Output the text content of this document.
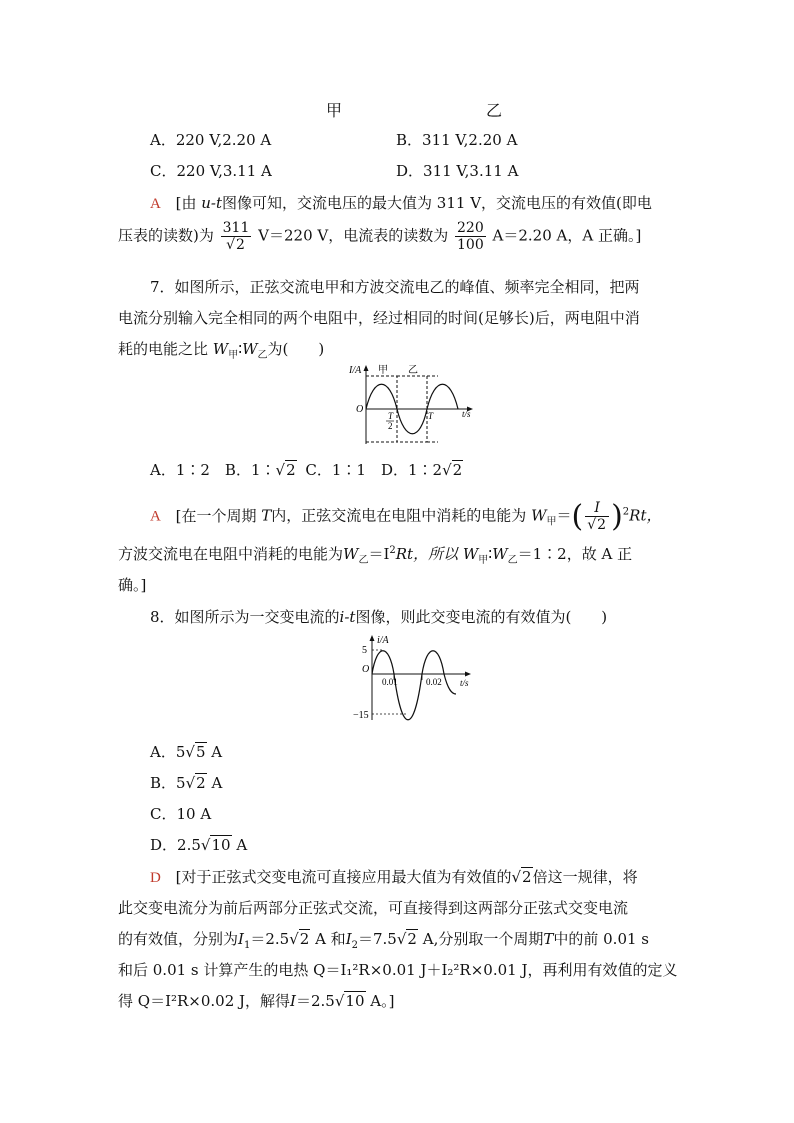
甲	乙
A．220 V,2.20 A	B．311 V,2.20 A
C．220 V,3.11 A	D．311 V,3.11 A
A [由 u-t图像可知，交流电压的最大值为 311 V，交流电压的有效值(即电
压表的读数)为 $\frac{311}{√2} V=220$ V，电流表的读数为 $\frac{220}{100} A=2.20$ A，A 正确。]
7．如图所示，正弦交流电甲和方波交流电乙的峰值、频率完全相同，把两
电流分别输入完全相同的两个电阻中，经过相同的时间(足够长)后，两电阻中消
耗的电能之比 $W_甲∶W_乙$为(　　)
I/A 甲 乙
O	t/s
T
2
T
A．1∶2　B．1∶√2 C．1∶1　D．1∶2√2
A [在一个周期 T内，正弦交流电在电阻中消耗的电能为 $W_甲=( \frac{I}{√2} )^2Rt$，
方波交流电在电阻中消耗的电能为$W_乙=I^2Rt$，所以 $W_甲∶W_乙=1∶2$，故 A 正
确。]
8．如图所示为一交变电流的i-t图像，则此交变电流的有效值为(　　)
i/A
5
−15
O
0.01	0.02 t/s
A．5√5 A
B．5√2 A
C．10 A
D．2.5√10 A
D [对于正弦式交变电流可直接应用最大值为有效值的√2倍这一规律，将
此交变电流分为前后两部分正弦式交流，可直接得到这两部分正弦式交变电流
的有效值，分别为$I_1=2.5√2$ A 和$I_2=7.5√2$ A,分别取一个周期T中的前 0.01 s
和后 0.01 s 计算产生的电热 Q＝I₁²R×0.01 J＋I₂²R×0.01 J，再利用有效值的定义
得 Q＝I²R×0.02 J，解得I＝2.5√10 A。]
